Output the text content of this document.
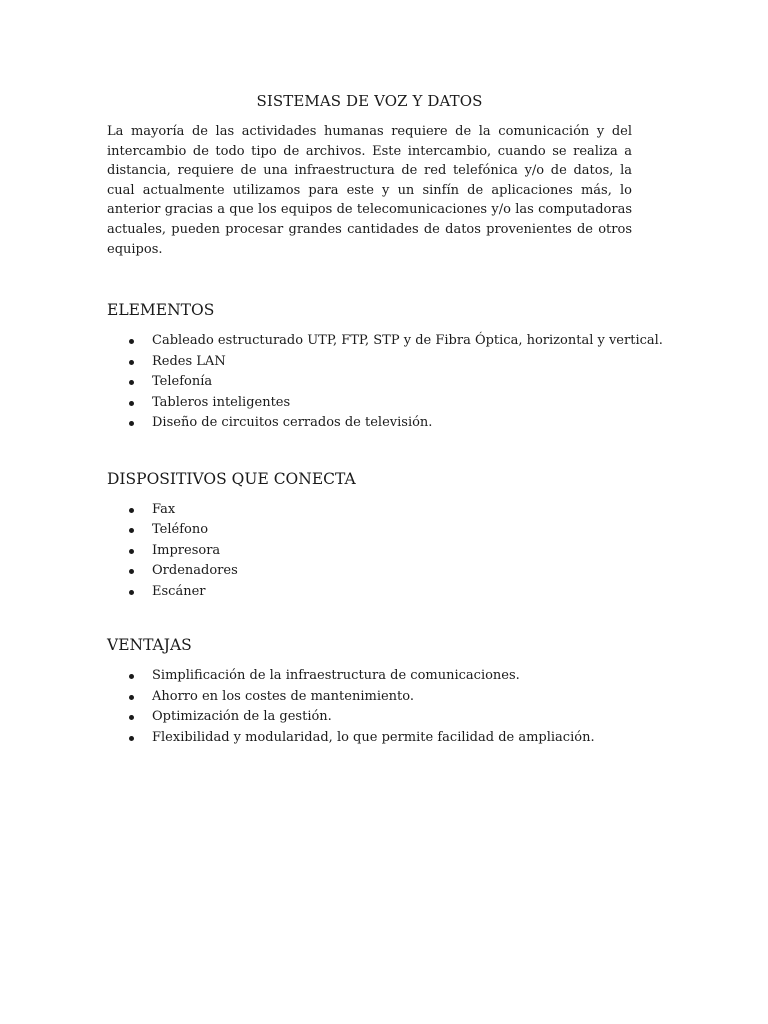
SISTEMAS DE VOZ Y DATOS

La mayoría de las actividades humanas requiere de la comunicación y del intercambio de todo tipo de archivos. Este intercambio, cuando se realiza a distancia, requiere de una infraestructura de red telefónica y/o de datos, la cual actualmente utilizamos para este y un sinfín de aplicaciones más, lo anterior gracias a que los equipos de telecomunicaciones y/o las computadoras actuales, pueden procesar grandes cantidades de datos provenientes de otros equipos.

ELEMENTOS
Cableado estructurado UTP, FTP, STP y de Fibra Óptica, horizontal y vertical.
Redes LAN
Telefonía
Tableros inteligentes
Diseño de circuitos cerrados de televisión.
DISPOSITIVOS QUE CONECTA
Fax
Teléfono
Impresora
Ordenadores
Escáner
VENTAJAS
Simplificación de la infraestructura de comunicaciones.
Ahorro en los costes de mantenimiento.
Optimización de la gestión.
Flexibilidad y modularidad, lo que permite facilidad de ampliación.
